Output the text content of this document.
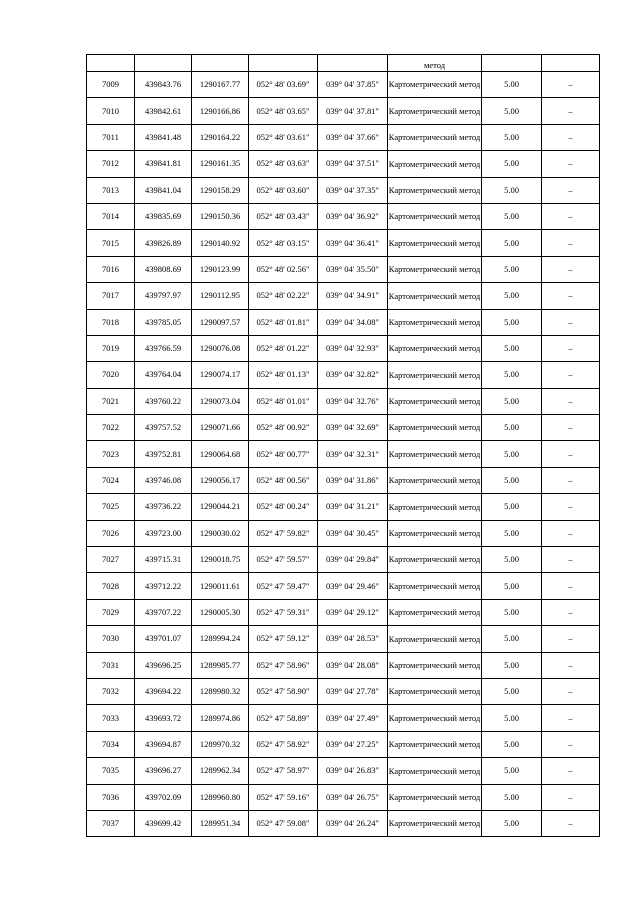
					метод		

7009	439843.76	1290167.77	052° 48' 03.69"	039° 04' 37.85"	Картометрический метод	5.00	–
7010	439842.61	1290166.86	052° 48' 03.65"	039° 04' 37.81"	Картометрический метод	5.00	–
7011	439841.48	1290164.22	052° 48' 03.61"	039° 04' 37.66"	Картометрический метод	5.00	–
7012	439841.81	1290161.35	052° 48' 03.63"	039° 04' 37.51"	Картометрический метод	5.00	–
7013	439841.04	1290158.29	052° 48' 03.60"	039° 04' 37.35"	Картометрический метод	5.00	–
7014	439835.69	1290150.36	052° 48' 03.43"	039° 04' 36.92"	Картометрический метод	5.00	–
7015	439826.89	1290140.92	052° 48' 03.15"	039° 04' 36.41"	Картометрический метод	5.00	–
7016	439808.69	1290123.99	052° 48' 02.56"	039° 04' 35.50"	Картометрический метод	5.00	–
7017	439797.97	1290112.95	052° 48' 02.22"	039° 04' 34.91"	Картометрический метод	5.00	–
7018	439785.05	1290097.57	052° 48' 01.81"	039° 04' 34.08"	Картометрический метод	5.00	–
7019	439766.59	1290076.08	052° 48' 01.22"	039° 04' 32.93"	Картометрический метод	5.00	–
7020	439764.04	1290074.17	052° 48' 01.13"	039° 04' 32.82"	Картометрический метод	5.00	–
7021	439760.22	1290073.04	052° 48' 01.01"	039° 04' 32.76"	Картометрический метод	5.00	–
7022	439757.52	1290071.66	052° 48' 00.92"	039° 04' 32.69"	Картометрический метод	5.00	–
7023	439752.81	1290064.68	052° 48' 00.77"	039° 04' 32.31"	Картометрический метод	5.00	–
7024	439746.08	1290056.17	052° 48' 00.56"	039° 04' 31.86"	Картометрический метод	5.00	–
7025	439736.22	1290044.21	052° 48' 00.24"	039° 04' 31.21"	Картометрический метод	5.00	–
7026	439723.00	1290030.02	052° 47' 59.82"	039° 04' 30.45"	Картометрический метод	5.00	–
7027	439715.31	1290018.75	052° 47' 59.57"	039° 04' 29.84"	Картометрический метод	5.00	–
7028	439712.22	1290011.61	052° 47' 59.47"	039° 04' 29.46"	Картометрический метод	5.00	–
7029	439707.22	1290005.30	052° 47' 59.31"	039° 04' 29.12"	Картометрический метод	5.00	–
7030	439701.07	1289994.24	052° 47' 59.12"	039° 04' 28.53"	Картометрический метод	5.00	–
7031	439696.25	1289985.77	052° 47' 58.96"	039° 04' 28.08"	Картометрический метод	5.00	–
7032	439694.22	1289980.32	052° 47' 58.90"	039° 04' 27.78"	Картометрический метод	5.00	–
7033	439693.72	1289974.86	052° 47' 58.89"	039° 04' 27.49"	Картометрический метод	5.00	–
7034	439694.87	1289970.32	052° 47' 58.92"	039° 04' 27.25"	Картометрический метод	5.00	–
7035	439696.27	1289962.34	052° 47' 58.97"	039° 04' 26.83"	Картометрический метод	5.00	–
7036	439702.09	1289960.80	052° 47' 59.16"	039° 04' 26.75"	Картометрический метод	5.00	–
7037	439699.42	1289951.34	052° 47' 59.08"	039° 04' 26.24"	Картометрический метод	5.00	–
